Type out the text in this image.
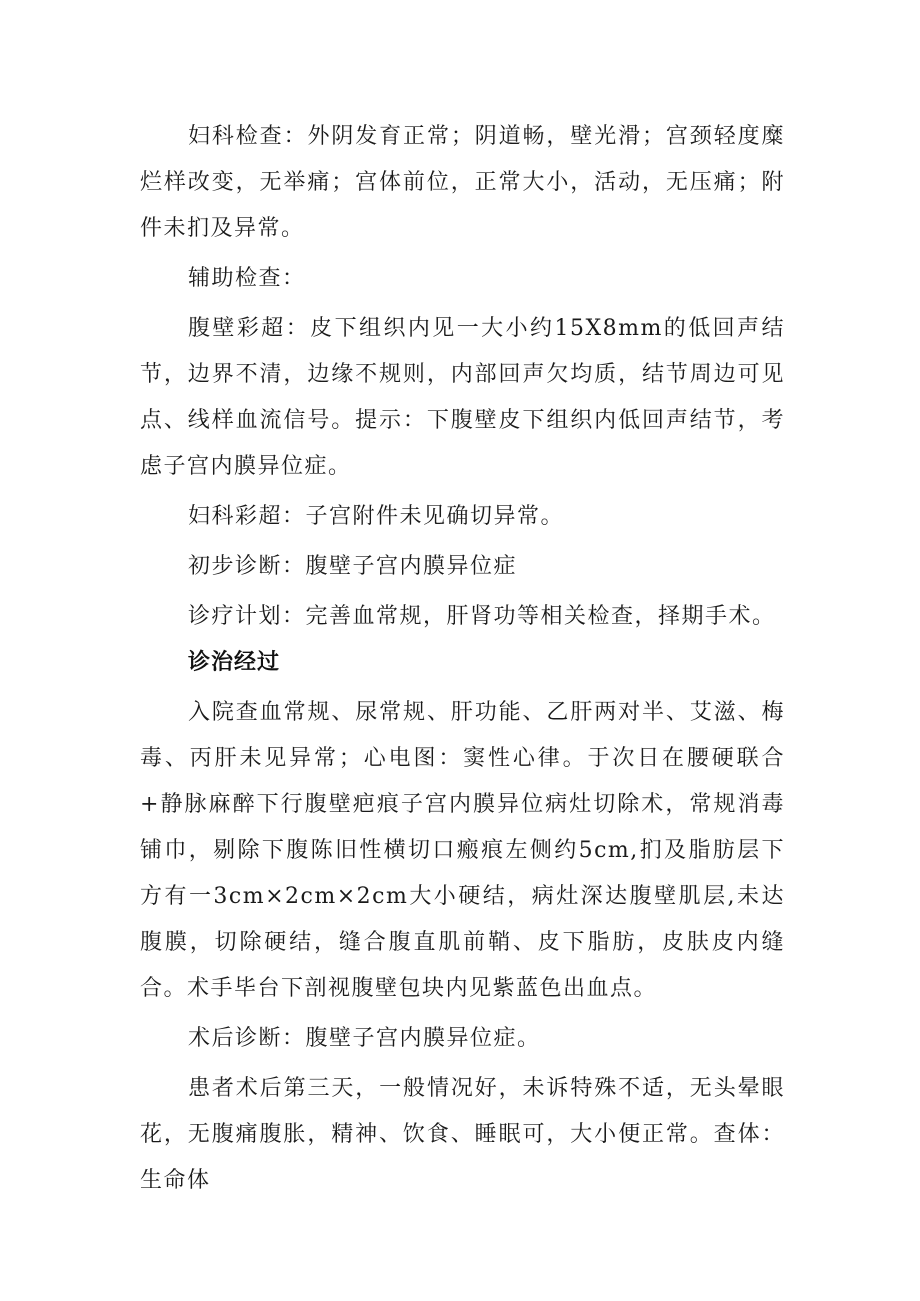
妇科检查：外阴发育正常；阴道畅，壁光滑；宫颈轻度糜烂样改变，无举痛；宫体前位，正常大小，活动，无压痛；附件未扪及异常。

辅助检查：

腹壁彩超：皮下组织内见一大小约15X8mm的低回声结节，边界不清，边缘不规则，内部回声欠均质，结节周边可见点、线样血流信号。提示：下腹壁皮下组织内低回声结节，考虑子宫内膜异位症。

妇科彩超：子宫附件未见确切异常。

初步诊断：腹壁子宫内膜异位症

诊疗计划：完善血常规，肝肾功等相关检查，择期手术。

诊治经过

入院查血常规、尿常规、肝功能、乙肝两对半、艾滋、梅毒、丙肝未见异常；心电图：窦性心律。于次日在腰硬联合+静脉麻醉下行腹壁疤痕子宫内膜异位病灶切除术，常规消毒铺巾，剔除下腹陈旧性横切口瘢痕左侧约5cm,扪及脂肪层下方有一3cm×2cm×2cm大小硬结，病灶深达腹壁肌层,未达腹膜，切除硬结，缝合腹直肌前鞘、皮下脂肪，皮肤皮内缝合。术手毕台下剖视腹壁包块内见紫蓝色出血点。

术后诊断：腹壁子宫内膜异位症。

患者术后第三天，一般情况好，未诉特殊不适，无头晕眼花，无腹痛腹胀，精神、饮食、睡眠可，大小便正常。查体：生命体
